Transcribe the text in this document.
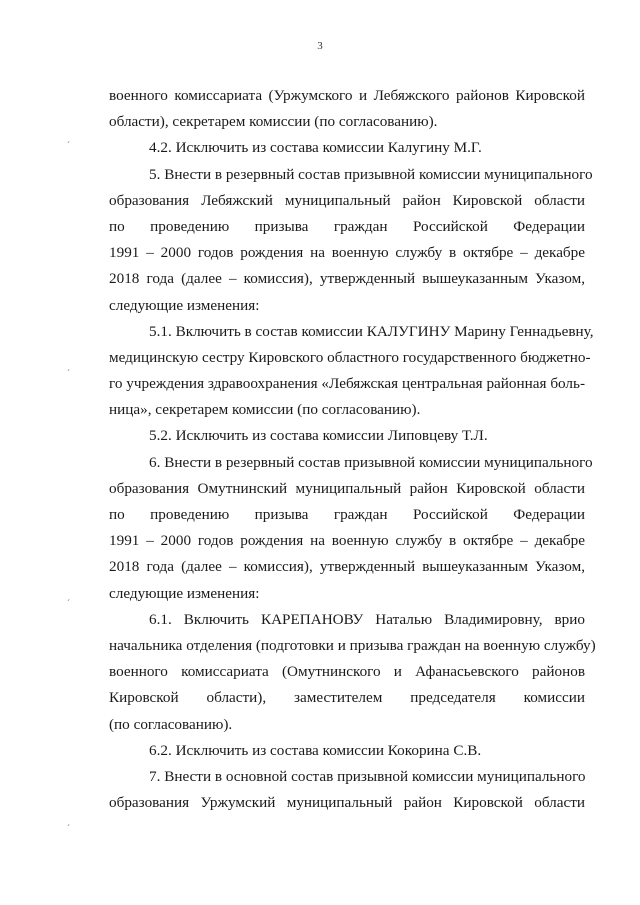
3
военного комиссариата (Уржумского и Лебяжского районов Кировской
области), секретарем комиссии (по согласованию).
4.2. Исключить из состава комиссии Калугину М.Г.
5. Внести в резервный состав призывной комиссии муниципального
образования Лебяжский муниципальный район Кировской области
по проведению призыва граждан Российской Федерации
1991 – 2000 годов рождения на военную службу в октябре – декабре
2018 года (далее – комиссия), утвержденный вышеуказанным Указом,
следующие изменения:
5.1. Включить в состав комиссии КАЛУГИНУ Марину Геннадьевну,
медицинскую сестру Кировского областного государственного бюджетно-
го учреждения здравоохранения «Лебяжская центральная районная боль-
ница», секретарем комиссии (по согласованию).
5.2. Исключить из состава комиссии Липовцеву Т.Л.
6. Внести в резервный состав призывной комиссии муниципального
образования Омутнинский муниципальный район Кировской области
по проведению призыва граждан Российской Федерации
1991 – 2000 годов рождения на военную службу в октябре – декабре
2018 года (далее – комиссия), утвержденный вышеуказанным Указом,
следующие изменения:
6.1. Включить КАРЕПАНОВУ Наталью Владимировну, врио
начальника отделения (подготовки и призыва граждан на военную службу)
военного комиссариата (Омутнинского и Афанасьевского районов
Кировской области), заместителем председателя комиссии
(по согласованию).
6.2. Исключить из состава комиссии Кокорина С.В.
7. Внести в основной состав призывной комиссии муниципального
образования Уржумский муниципальный район Кировской области
´
´
´
´
